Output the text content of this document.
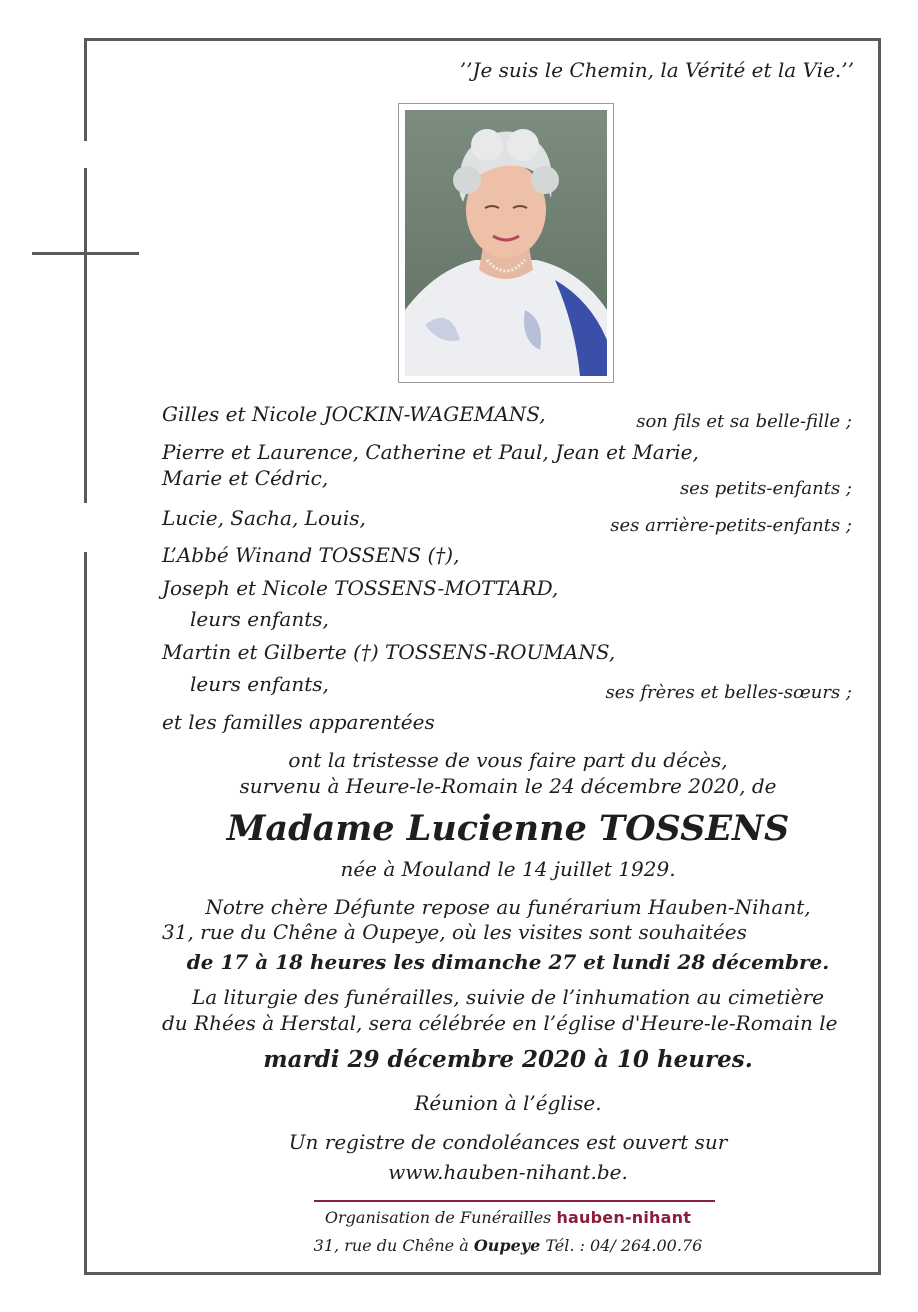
’’Je suis le Chemin, la Vérité et la Vie.’’
Gilles et Nicole JOCKIN-WAGEMANS,	son fils et sa belle-fille ;
Pierre et Laurence, Catherine et Paul, Jean et Marie,
Marie et Cédric,	ses petits-enfants ;
Lucie, Sacha, Louis,	ses arrière-petits-enfants ;
L’Abbé Winand TOSSENS (†),
Joseph et Nicole TOSSENS-MOTTARD,
leurs enfants,
Martin et Gilberte (†) TOSSENS-ROUMANS,
leurs enfants,	ses frères et belles-sœurs ;
et les familles apparentées
ont la tristesse de vous faire part du décès,
survenu à Heure-le-Romain le 24 décembre 2020, de
Madame Lucienne TOSSENS
née à Mouland le 14 juillet 1929.
Notre chère Défunte repose au funérarium Hauben-Nihant,
31, rue du Chêne à Oupeye, où les visites sont souhaitées
de 17 à 18 heures les dimanche 27 et lundi 28 décembre.
La liturgie des funérailles, suivie de l’inhumation au cimetière
du Rhées à Herstal, sera célébrée en l’église d'Heure-le-Romain le
mardi 29 décembre 2020 à 10 heures.
Réunion à l’église.
Un registre de condoléances est ouvert sur
www.hauben-nihant.be.
Organisation de Funérailles hauben-nihant
31, rue du Chêne à Oupeye Tél. : 04/ 264.00.76
